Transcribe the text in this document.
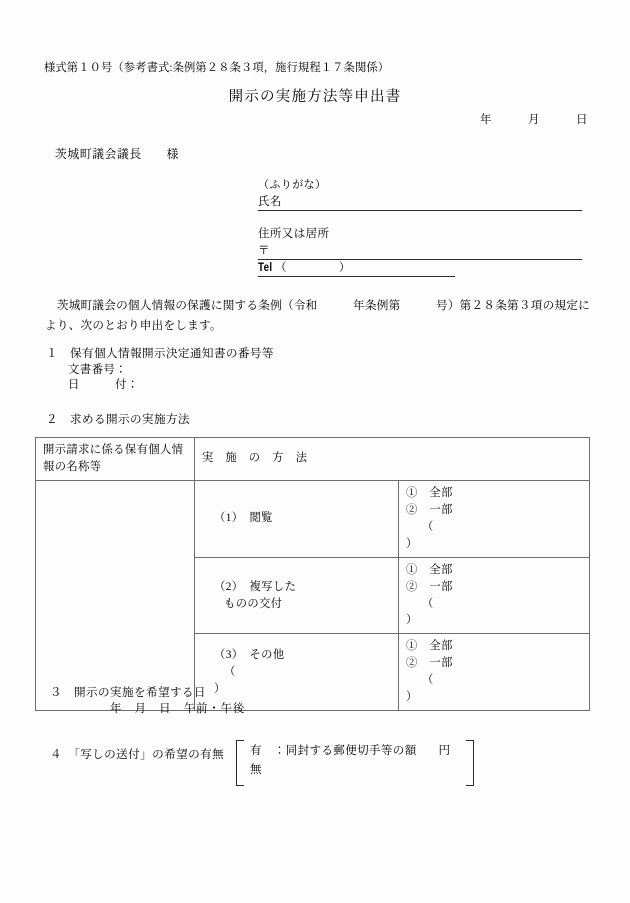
様式第１０号（参考書式:条例第２８条３項，施行規程１７条関係）
開示の実施方法等申出書
年　　　月　　　日
茨城町議会議長　　様
（ふりがな）
氏名
住所又は居所
〒
Tel （	）
　茨城町議会の個人情報の保護に関する条例（令和　　　年条例第　　　号）第２８条第３項の規定により、次のとおり申出をします。
１　保有個人情報開示決定通知書の番号等
文書番号：
日　　　付：
２　求める開示の実施方法
開示請求に係る保有個人情 報の名称等	実　施　の　方　法	

	（1）　閲覧	①　全部
②　一部
（
）

	（2）　複写した
ものの交付	①　全部
②　一部
（
）

	（3）　その他
（
）	①　全部
②　一部
（
）
３　開示の実施を希望する日
年　月　日　午前・午後
４　「写しの送付」の希望の有無 有　：同封する郵便切手等の額 円
無
